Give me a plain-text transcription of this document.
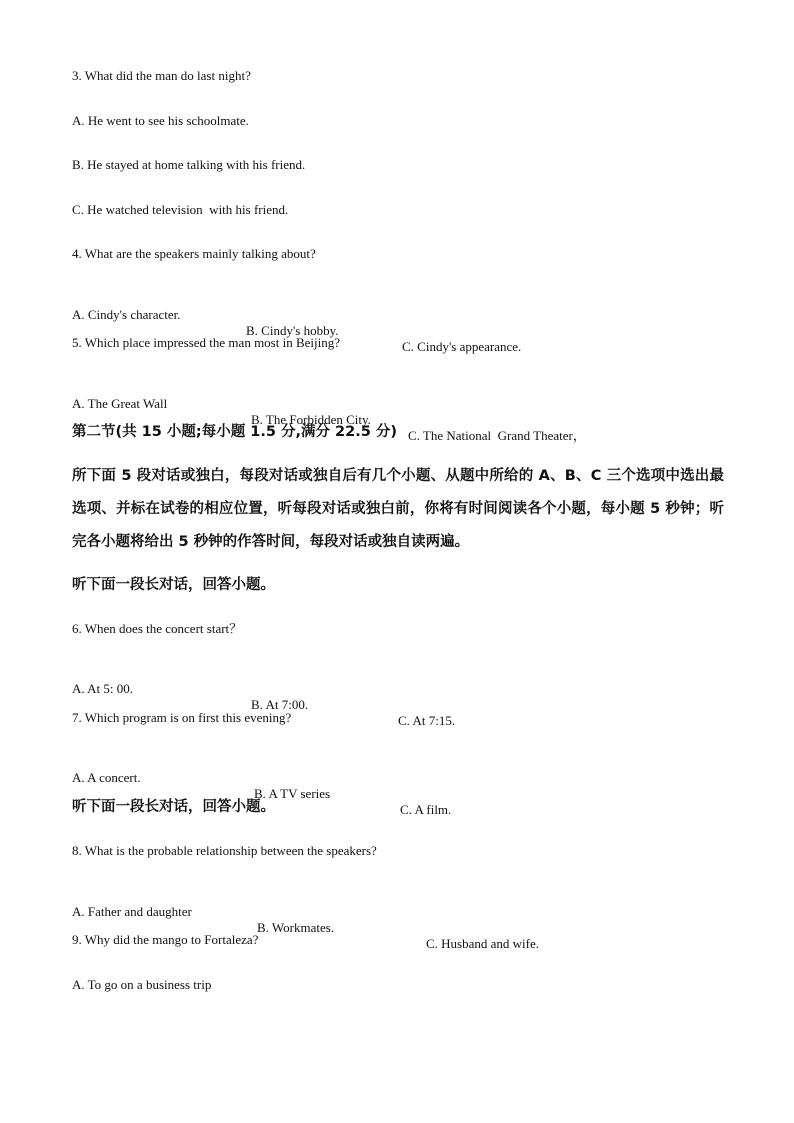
3. What did the man do last night?
A. He went to see his schoolmate.
B. He stayed at home talking with his friend.
C. He watched television  with his friend.
4. What are the speakers mainly talking about?

A. Cindy's character.

B. Cindy's hobby.

C. Cindy's appearance.

5. Which place impressed the man most in Beijing?

A. The Great Wall

B. The Forbidden City.

C. The National  Grand Theater，

第二节(共 15 小题;每小题 1.5 分,满分 22.5 分)
所下面 5 段对话或独白，每段对话或独自后有几个小题、从题中所给的 A、B、C 三个选项中选出最选项、并标在试卷的相应位置，听每段对话或独白前，你将有时间阅读各个小题，每小题 5 秒钟；听完各小题将给出 5 秒钟的作答时间，每段对话或独自读两遍。
听下面一段长对话，回答小题。
6. When does the concert start？

A. At 5: 00.

B. At 7:00.

C. At 7:15.

7. Which program is on first this evening?

A. A concert.

B. A TV series

C. A film.

听下面一段长对话，回答小题。
8. What is the probable relationship between the speakers?

A. Father and daughter

B. Workmates.

C. Husband and wife.

9. Why did the mango to Fortaleza?
A. To go on a business trip
